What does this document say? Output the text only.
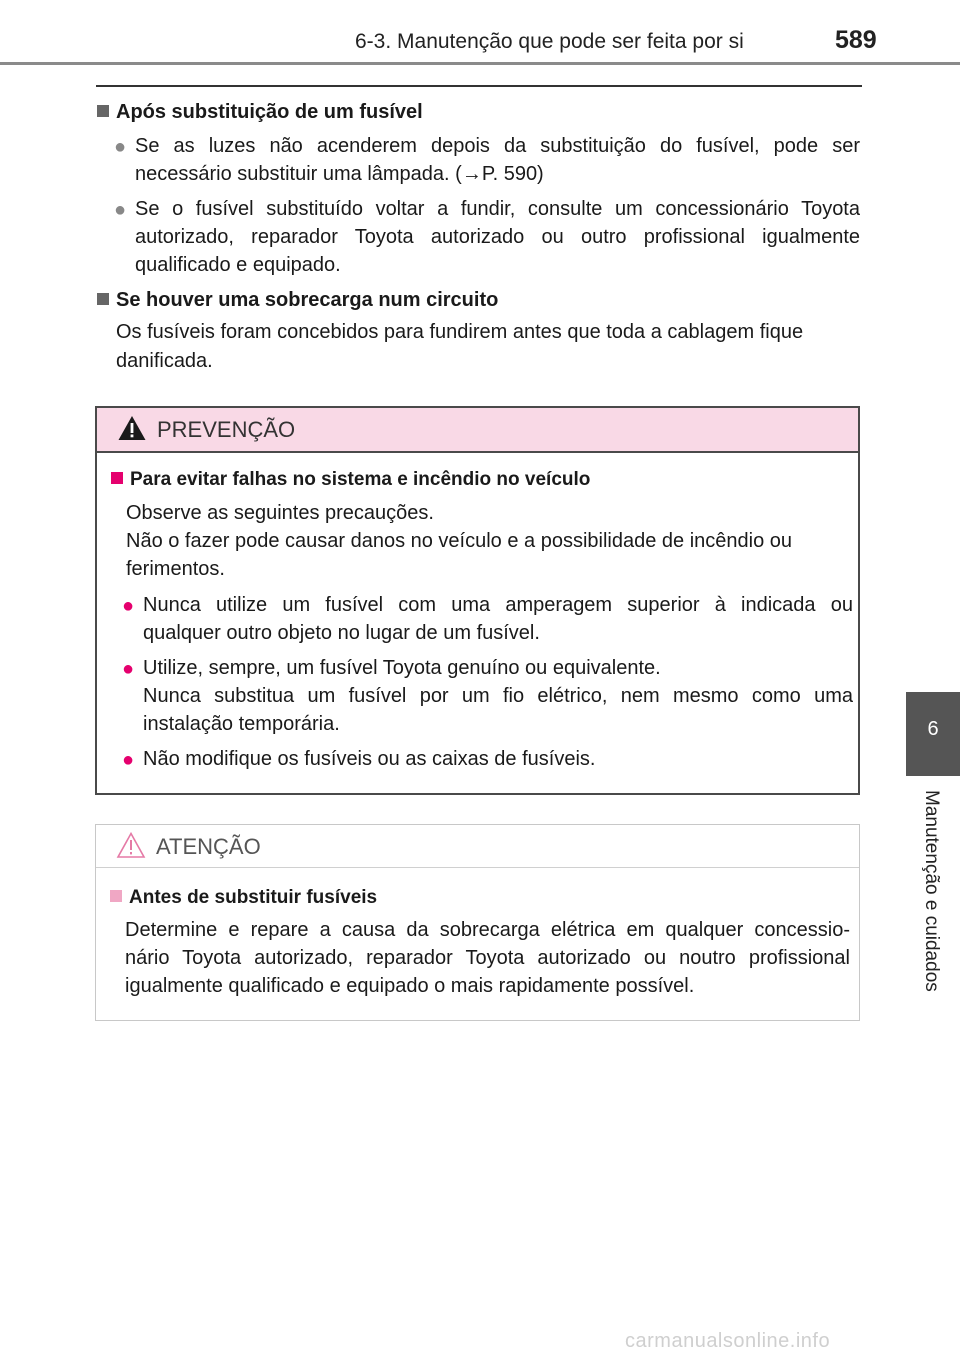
6-3. Manutenção que pode ser feita por si	589
6
Manutenção e cuidados
Após substituição de um fusível
● Se as luzes não acenderem depois da substituição do fusível, pode ser
necessário substituir uma lâmpada. (→P. 590)
● Se o fusível substituído voltar a fundir, consulte um concessionário Toyota
autorizado, reparador Toyota autorizado ou outro profissional igualmente
qualificado e equipado.
Se houver uma sobrecarga num circuito
Os fusíveis foram concebidos para fundirem antes que toda a cablagem fique
danificada.
PREVENÇÃO
Para evitar falhas no sistema e incêndio no veículo
Observe as seguintes precauções.
Não o fazer pode causar danos no veículo e a possibilidade de incêndio ou
ferimentos.
● Nunca utilize um fusível com uma amperagem superior à indicada ou
qualquer outro objeto no lugar de um fusível.
● Utilize, sempre, um fusível Toyota genuíno ou equivalente.
Nunca substitua um fusível por um fio elétrico, nem mesmo como uma
instalação temporária.
● Não modifique os fusíveis ou as caixas de fusíveis.
ATENÇÃO
Antes de substituir fusíveis
Determine e repare a causa da sobrecarga elétrica em qualquer concessio-
nário Toyota autorizado, reparador Toyota autorizado ou noutro profissional
igualmente qualificado e equipado o mais rapidamente possível.
carmanualsonline.info
